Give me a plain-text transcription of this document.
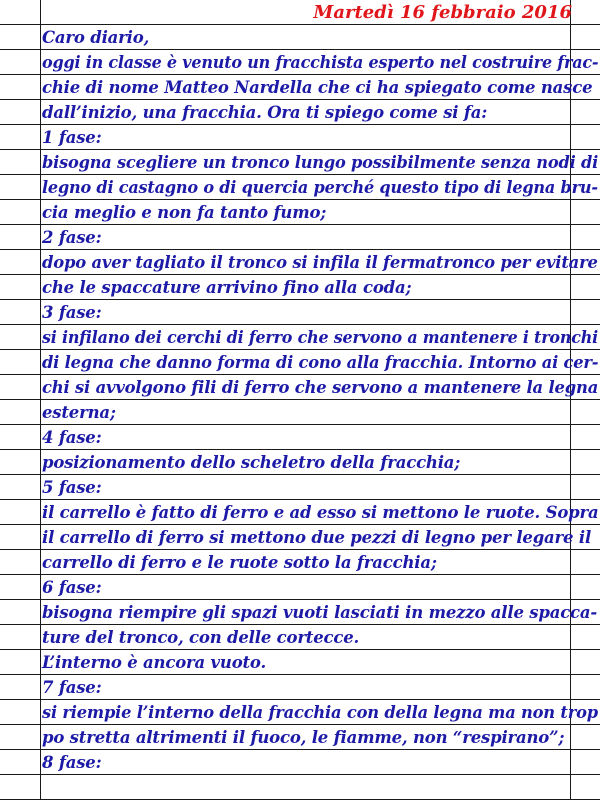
Martedì 16 febbraio 2016
Caro diario,
oggi in classe è venuto un fracchista esperto nel costruire frac-
chie di nome Matteo Nardella che ci ha spiegato come nasce
dall’inizio, una fracchia. Ora ti spiego come si fa:
1 fase:
bisogna scegliere un tronco lungo possibilmente senza nodi di
legno di castagno o di quercia perché questo tipo di legna bru-
cia meglio e non fa tanto fumo;
2 fase:
dopo aver tagliato il tronco si infila il fermatronco per evitare
che le spaccature arrivino fino alla coda;
3 fase:
si infilano dei cerchi di ferro che servono a mantenere i tronchi
di legna che danno forma di cono alla fracchia. Intorno ai cer-
chi si avvolgono fili di ferro che servono a mantenere la legna
esterna;
4 fase:
posizionamento dello scheletro della fracchia;
5 fase:
il carrello è fatto di ferro e ad esso si mettono le ruote. Sopra
il carrello di ferro si mettono due pezzi di legno per legare il
carrello di ferro e le ruote sotto la fracchia;
6 fase:
bisogna riempire gli spazi vuoti lasciati in mezzo alle spacca-
ture del tronco, con delle cortecce.
L’interno è ancora vuoto.
7 fase:
si riempie l’interno della fracchia con della legna ma non trop
po stretta altrimenti il fuoco, le fiamme, non “respirano”;
8 fase:
